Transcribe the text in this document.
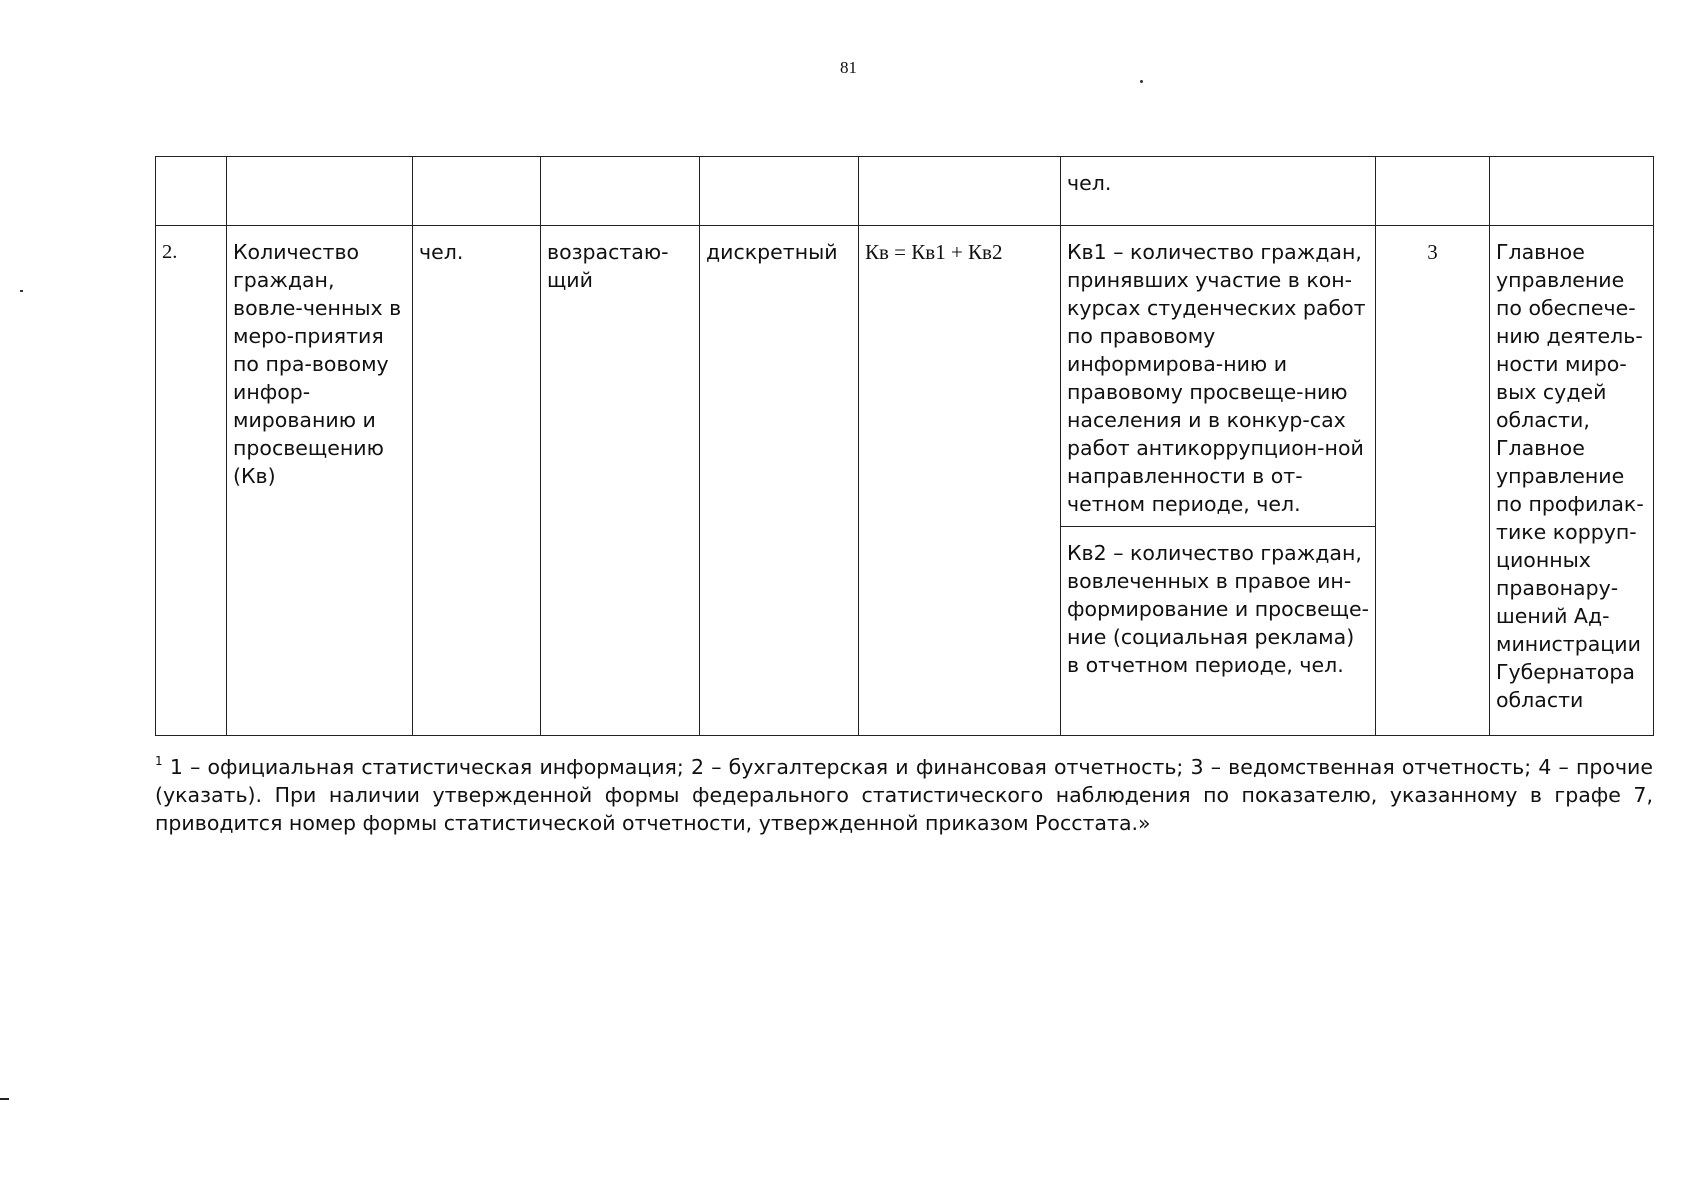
81
						чел.		
2.	Количество граждан, вовле-ченных в меро-приятия по пра-вовому инфор-мированию и просвещению (Кв)	чел.	возрастаю-щий	дискретный	Кв = Кв1 + Кв2	Кв1 – количество граждан, принявших участие в кон-курсах студенческих работ по правовому информирова-нию и правовому просвеще-нию населения и в конкур-сах работ антикоррупцион-ной направленности в от-четном периоде, чел.	3	Главное управление по обеспече-нию деятель-ности миро-вых судей области, Главное управление по профилак-тике корруп-ционных правонару-шений Ад-министрации Губернатора области
						Кв2 – количество граждан, вовлеченных в правое ин-формирование и просвеще-ние (социальная реклама) в отчетном периоде, чел.		
$^1$ 1 – официальная статистическая информация; 2 – бухгалтерская и финансовая отчетность; 3 – ведомственная отчетность; 4 – прочие (указать). При наличии утвержденной формы федерального статистического наблюдения по показателю, указанному в графе 7, приводится номер формы статистической отчетности, утвержденной приказом Росстата.»
